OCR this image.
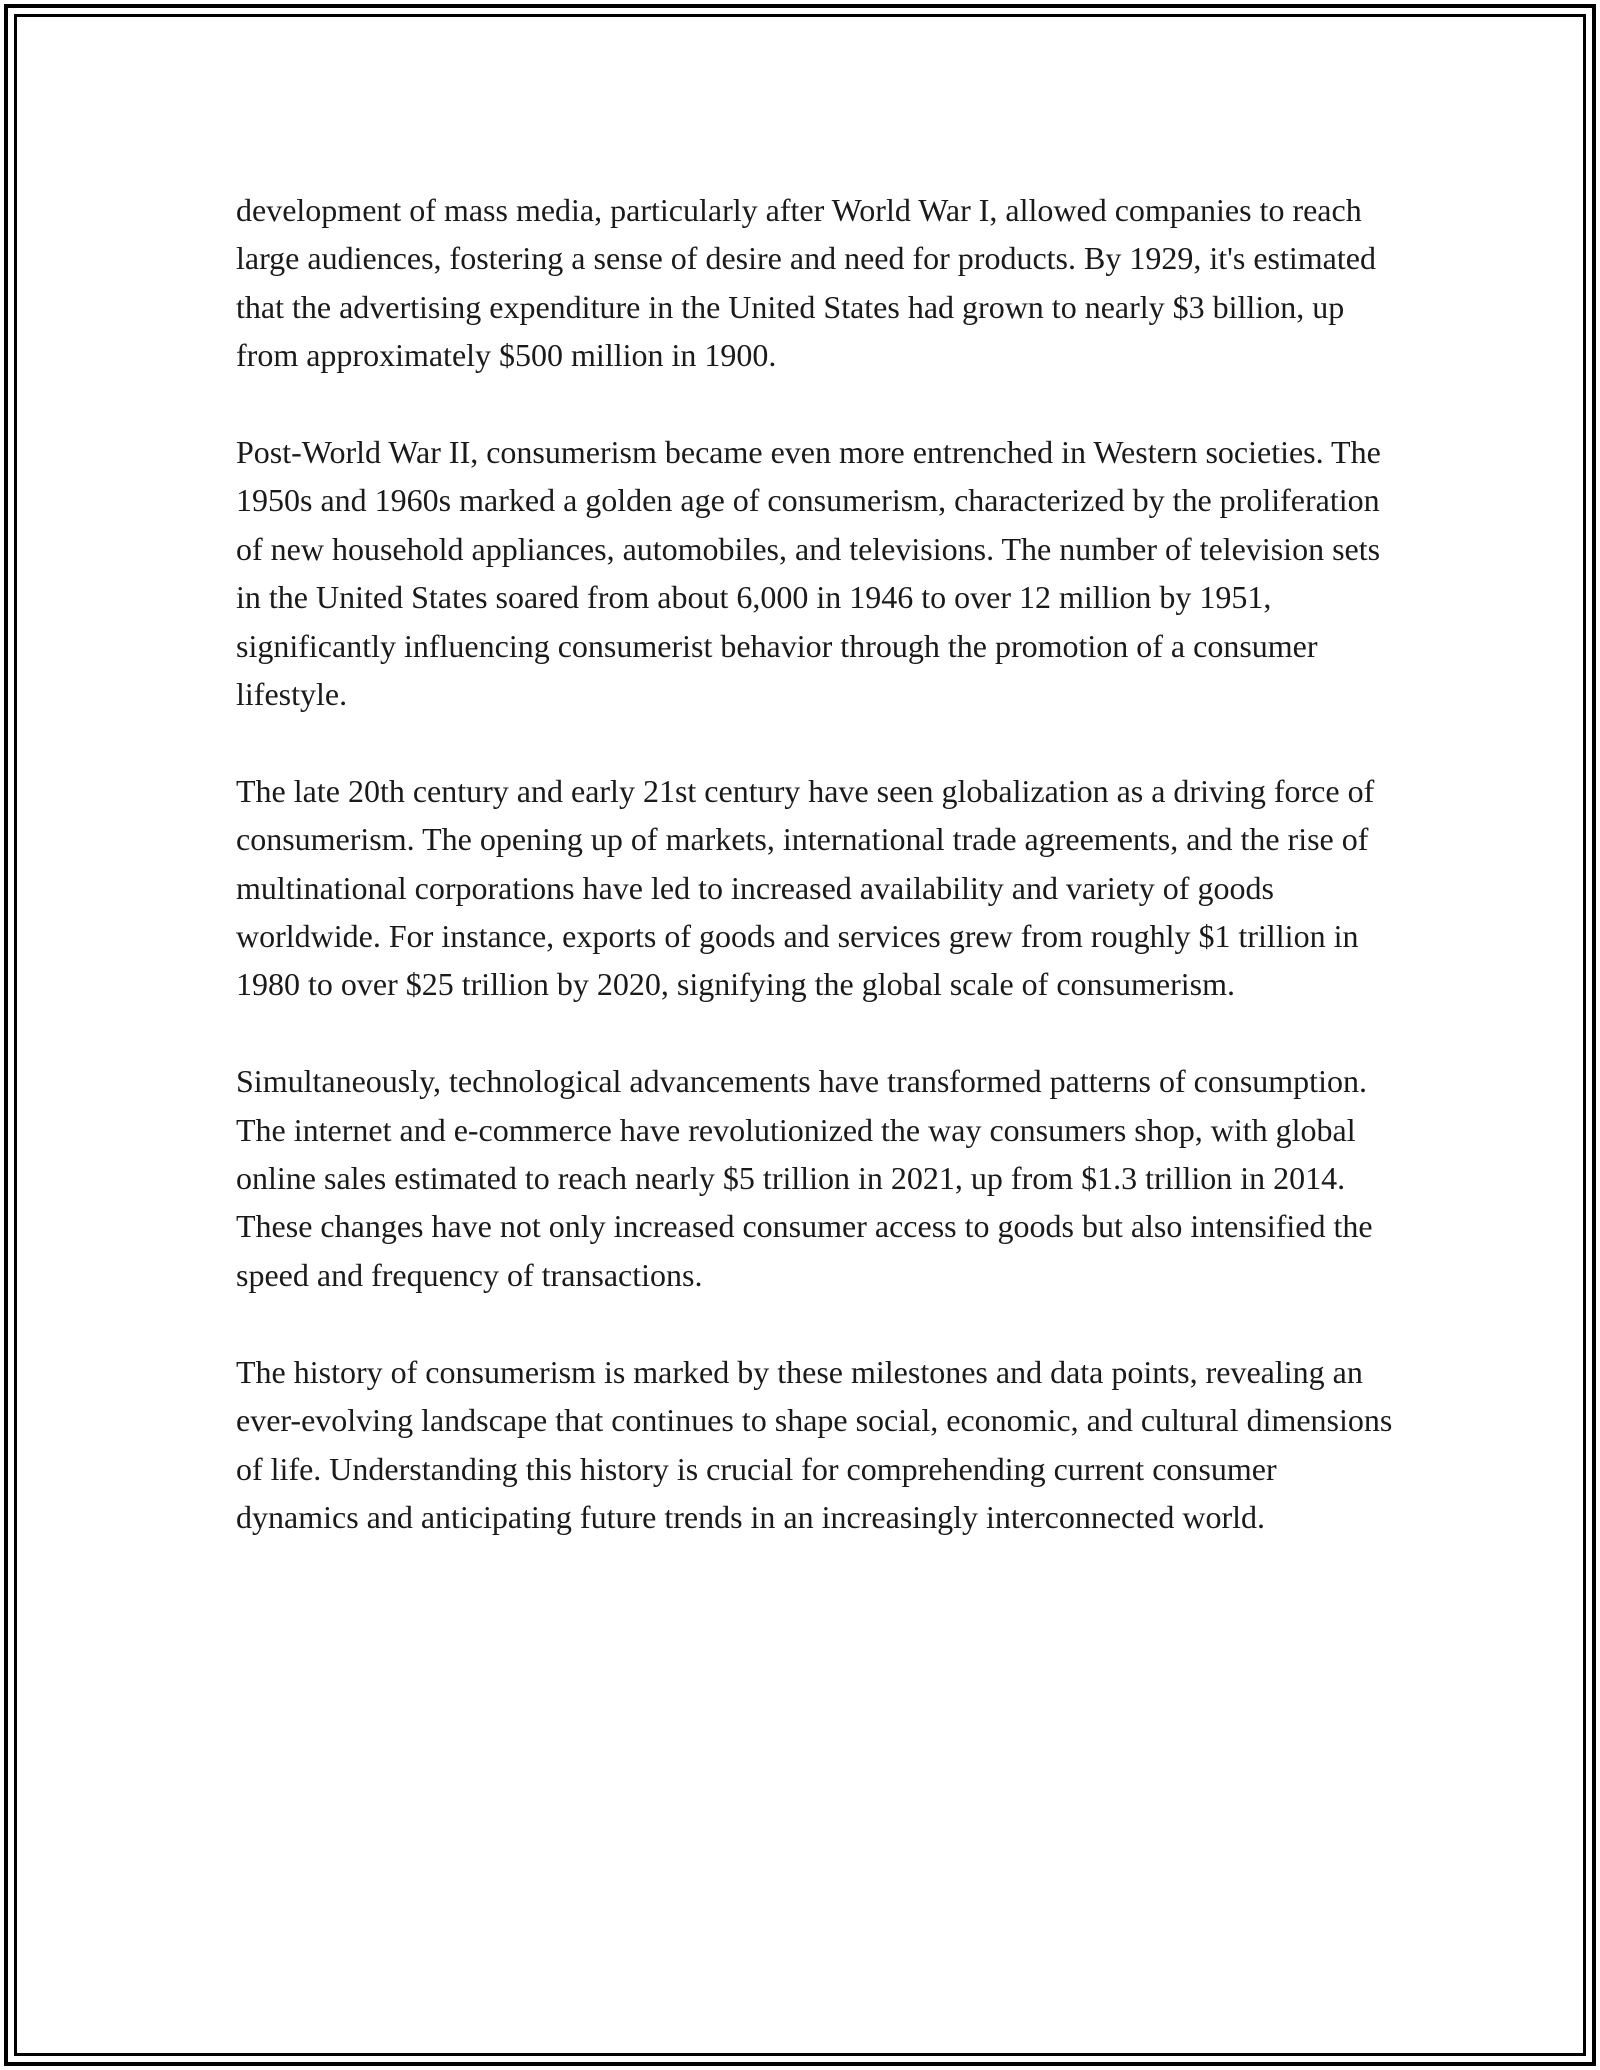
development of mass media, particularly after World War I, allowed companies to reach large audiences, fostering a sense of desire and need for products. By 1929, it's estimated that the advertising expenditure in the United States had grown to nearly $3 billion, up from approximately $500 million in 1900.

Post-World War II, consumerism became even more entrenched in Western societies. The 1950s and 1960s marked a golden age of consumerism, characterized by the proliferation of new household appliances, automobiles, and televisions. The number of television sets in the United States soared from about 6,000 in 1946 to over 12 million by 1951, significantly influencing consumerist behavior through the promotion of a consumer lifestyle.

The late 20th century and early 21st century have seen globalization as a driving force of consumerism. The opening up of markets, international trade agreements, and the rise of multinational corporations have led to increased availability and variety of goods worldwide. For instance, exports of goods and services grew from roughly $1 trillion in 1980 to over $25 trillion by 2020, signifying the global scale of consumerism.

Simultaneously, technological advancements have transformed patterns of consumption. The internet and e-commerce have revolutionized the way consumers shop, with global online sales estimated to reach nearly $5 trillion in 2021, up from $1.3 trillion in 2014. These changes have not only increased consumer access to goods but also intensified the speed and frequency of transactions.

The history of consumerism is marked by these milestones and data points, revealing an ever-evolving landscape that continues to shape social, economic, and cultural dimensions of life. Understanding this history is crucial for comprehending current consumer dynamics and anticipating future trends in an increasingly interconnected world.
